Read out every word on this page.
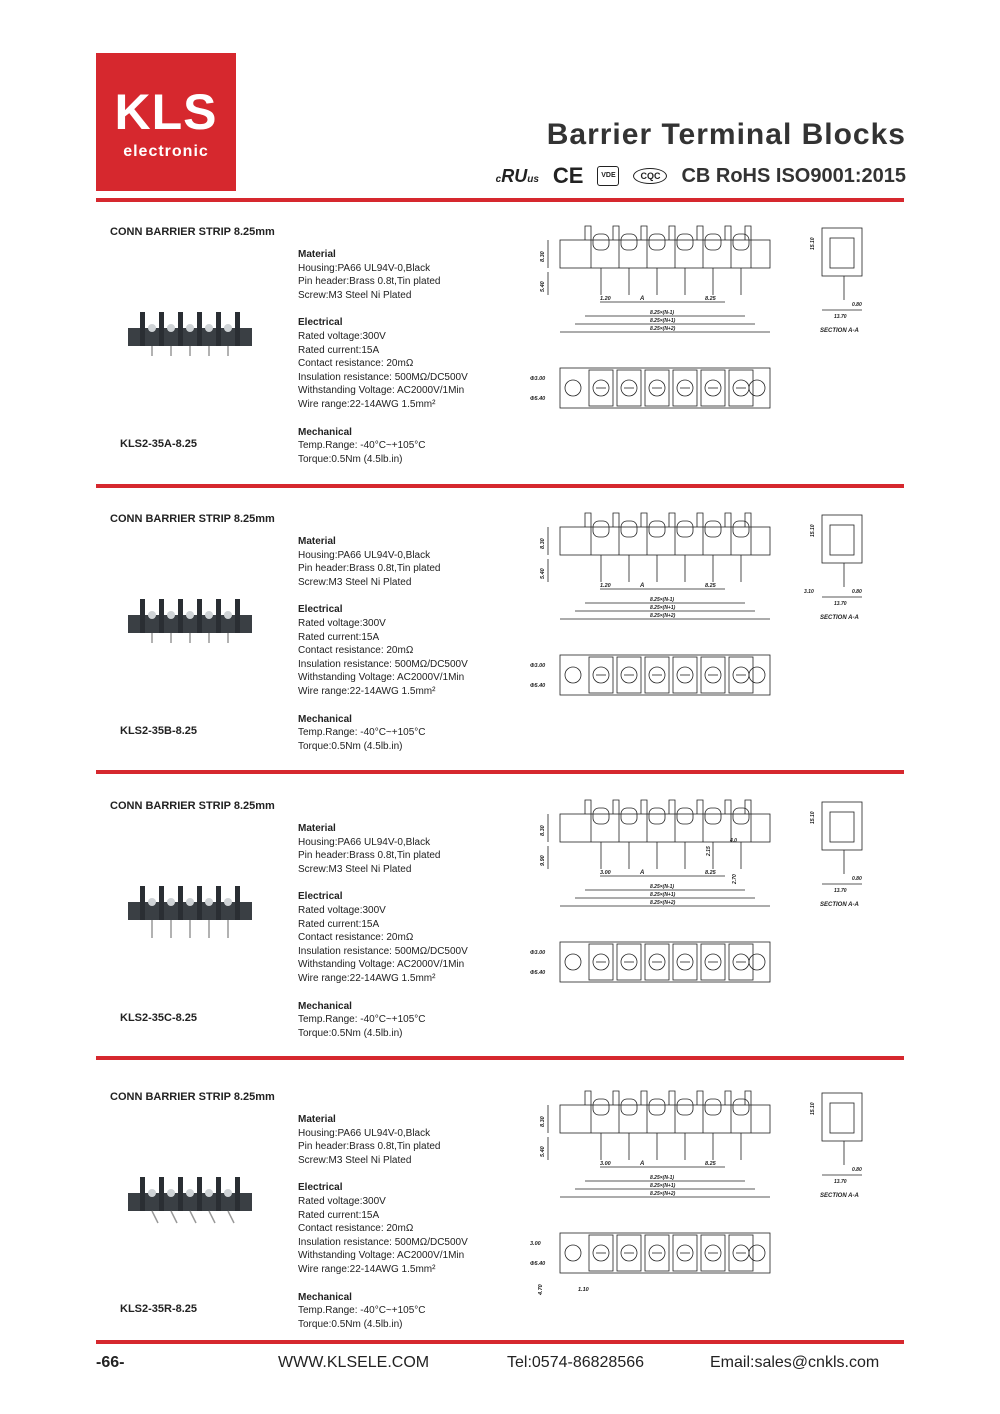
KLS
electronic
Barrier Terminal Blocks
cRUus CE	VDE	CQC	CB RoHS ISO9001:2015
CONN BARRIER STRIP 8.25mm
KLS2-35A-8.25
Material
Housing:PA66 UL94V-0,Black
Pin header:Brass 0.8t,Tin plated
Screw:M3 Steel Ni Plated
Electrical
Rated voltage:300V
Rated current:15A
Contact resistance: 20mΩ
Insulation resistance: 500MΩ/DC500V
Withstanding Voltage: AC2000V/1Min
Wire range:22-14AWG 1.5mm²
Mechanical
Temp.Range: -40°C~+105°C
Torque:0.5Nm (4.5lb.in)
8.30
5.40
1.20	8.25
A
8.25×(N-1)
8.25×(N+1)
8.25×(N+2)
Φ3.00
Φ5.40
15.10
0.80
13.70
SECTION A-A
CONN BARRIER STRIP 8.25mm
KLS2-35B-8.25
Material
Housing:PA66 UL94V-0,Black
Pin header:Brass 0.8t,Tin plated
Screw:M3 Steel Ni Plated
Electrical
Rated voltage:300V
Rated current:15A
Contact resistance: 20mΩ
Insulation resistance: 500MΩ/DC500V
Withstanding Voltage: AC2000V/1Min
Wire range:22-14AWG 1.5mm²
Mechanical
Temp.Range: -40°C~+105°C
Torque:0.5Nm (4.5lb.in)
8.30
5.40
1.20	8.25
A
8.25×(N-1)
8.25×(N+1)
8.25×(N+2)
Φ3.00
Φ5.40
15.10
0.80
13.70
3.10
SECTION A-A
CONN BARRIER STRIP 8.25mm
KLS2-35C-8.25
Material
Housing:PA66 UL94V-0,Black
Pin header:Brass 0.8t,Tin plated
Screw:M3 Steel Ni Plated
Electrical
Rated voltage:300V
Rated current:15A
Contact resistance: 20mΩ
Insulation resistance: 500MΩ/DC500V
Withstanding Voltage: AC2000V/1Min
Wire range:22-14AWG 1.5mm²
Mechanical
Temp.Range: -40°C~+105°C
Torque:0.5Nm (4.5lb.in)
8.30
9.90
3.00	8.25
A
8.25×(N-1)
8.25×(N+1)
8.25×(N+2)
Φ3.00
Φ5.40
2.15
4.0
2.70
15.10
0.80
13.70
SECTION A-A
CONN BARRIER STRIP 8.25mm
KLS2-35R-8.25
Material
Housing:PA66 UL94V-0,Black
Pin header:Brass 0.8t,Tin plated
Screw:M3 Steel Ni Plated
Electrical
Rated voltage:300V
Rated current:15A
Contact resistance: 20mΩ
Insulation resistance: 500MΩ/DC500V
Withstanding Voltage: AC2000V/1Min
Wire range:22-14AWG 1.5mm²
Mechanical
Temp.Range: -40°C~+105°C
Torque:0.5Nm (4.5lb.in)
8.30
5.40
3.00	8.25
A
8.25×(N-1)
8.25×(N+1)
8.25×(N+2)
3.00
Φ5.40
4.70	1.10
15.10
0.80
13.70
SECTION A-A
-66-	WWW.KLSELE.COM	Tel:0574-86828566	Email:sales@cnkls.com
